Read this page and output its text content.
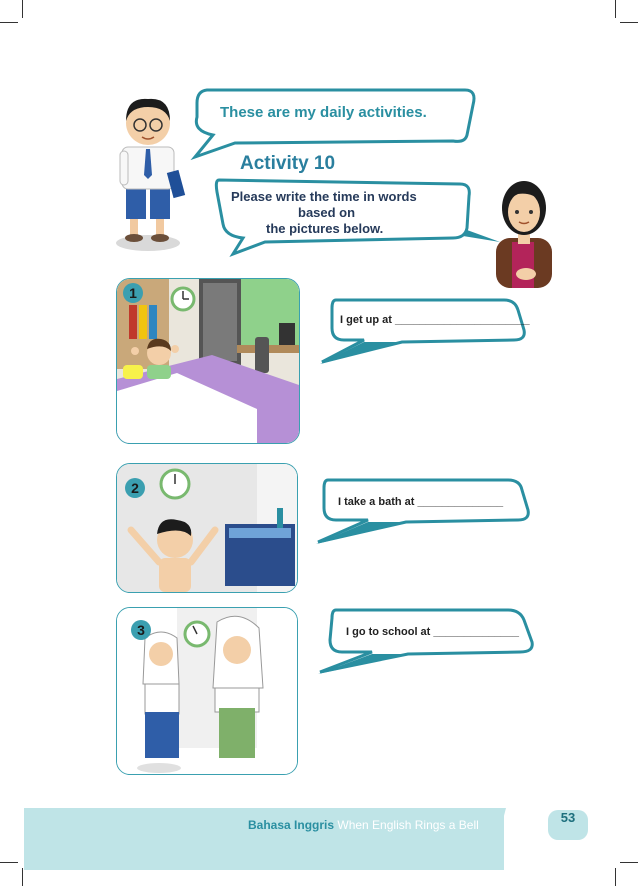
These are my daily activities.
Activity 10
Please write the time in words
based on
the pictures below.
1
I get up at ______________________
2
I take a bath at ______________
3	I go to school at ______________
Bahasa Inggris When English Rings a Bell	53
